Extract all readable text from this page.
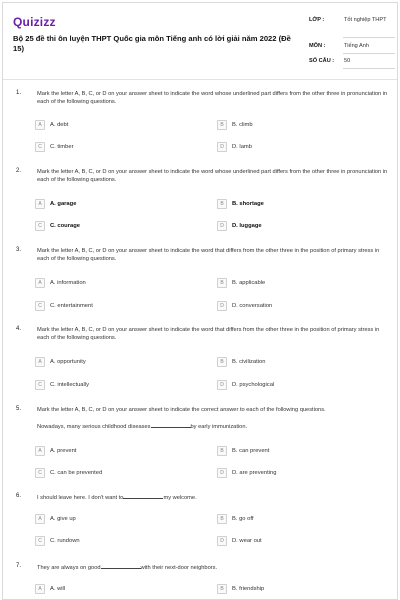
Quizizz
Bộ 25 đề thi ôn luyện THPT Quốc gia môn Tiếng anh có lời giải năm 2022 (Đề 15)
LỚP :	Tốt nghiệp THPT
MÔN :	Tiếng Anh
SỐ CÂU :	50
1.	Mark the letter A, B, C, or D on your answer sheet to indicate the word whose underlined part differs from the other three in pronunciation in each of the following questions.
A	A. debt	B	B. climb
C	C. timber	D	D. lamb
2.	Mark the letter A, B, C, or D on your answer sheet to indicate the word whose underlined part differs from the other three in pronunciation in each of the following questions.
A	A. garage	B	B. shortage
C	C. courage	D	D. luggage
3.	Mark the letter A, B, C, or D on your answer sheet to indicate the word that differs from the other three in the position of primary stress in each of the following questions.
A	A. information	B	B. applicable
C	C. entertainment	D	D. conversation
4.	Mark the letter A, B, C, or D on your answer sheet to indicate the word that differs from the other three in the position of primary stress in each of the following questions.
A	A. opportunity	B	B. civilization
C	C. intellectually	D	D. psychological
5.	Mark the letter A, B, C, or D on your answer sheet to indicate the correct answer to each of the following questions.
Nowadays, many serious childhood diseases	by early immunization.
A	A. prevent	B	B. can prevent
C	C. can be prevented	D	D. are preventing
6.	I should leave here. I don't want to	my welcome.
A	A. give up	B	B. go off
C	C. rundown	D	D. wear out
7.	They are always on good	with their next-door neighbors.
A	A. will	B	B. friendship
